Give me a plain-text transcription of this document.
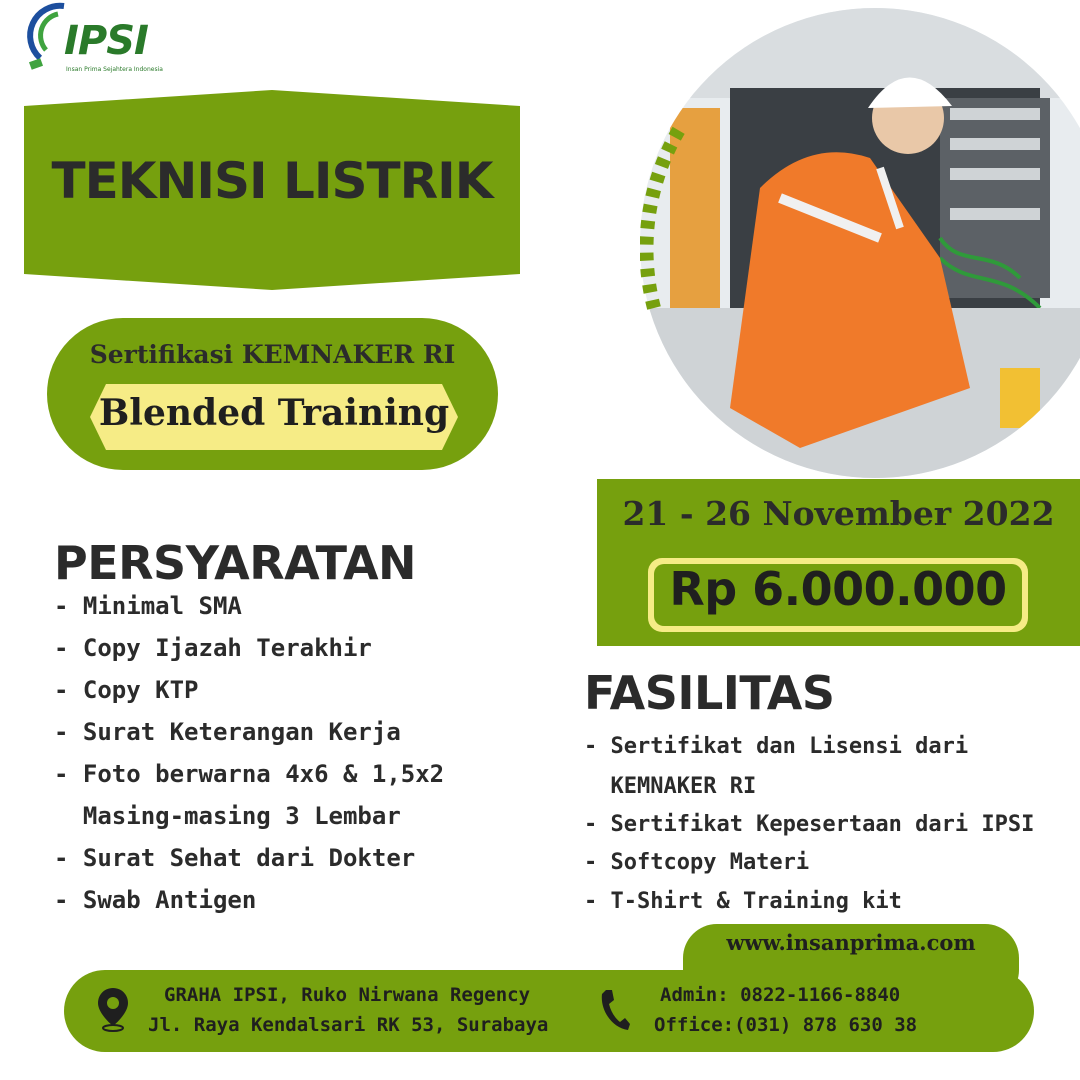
IPSI
Insan Prima Sejahtera Indonesia
TEKNISI LISTRIK
Sertifikasi KEMNAKER RI
Blended Training
21 - 26 November 2022
Rp 6.000.000
PERSYARATAN
- Minimal SMA
- Copy Ijazah Terakhir
- Copy KTP
- Surat Keterangan Kerja
- Foto berwarna 4x6 & 1,5x2
Masing-masing 3 Lembar
- Surat Sehat dari Dokter
- Swab Antigen
FASILITAS
- Sertifikat dan Lisensi dari
KEMNAKER RI
- Sertifikat Kepesertaan dari IPSI
- Softcopy Materi
- T-Shirt & Training kit
www.insanprima.com
GRAHA IPSI, Ruko Nirwana Regency
Jl. Raya Kendalsari RK 53, Surabaya
Admin: 0822-1166-8840
Office:(031) 878 630 38
